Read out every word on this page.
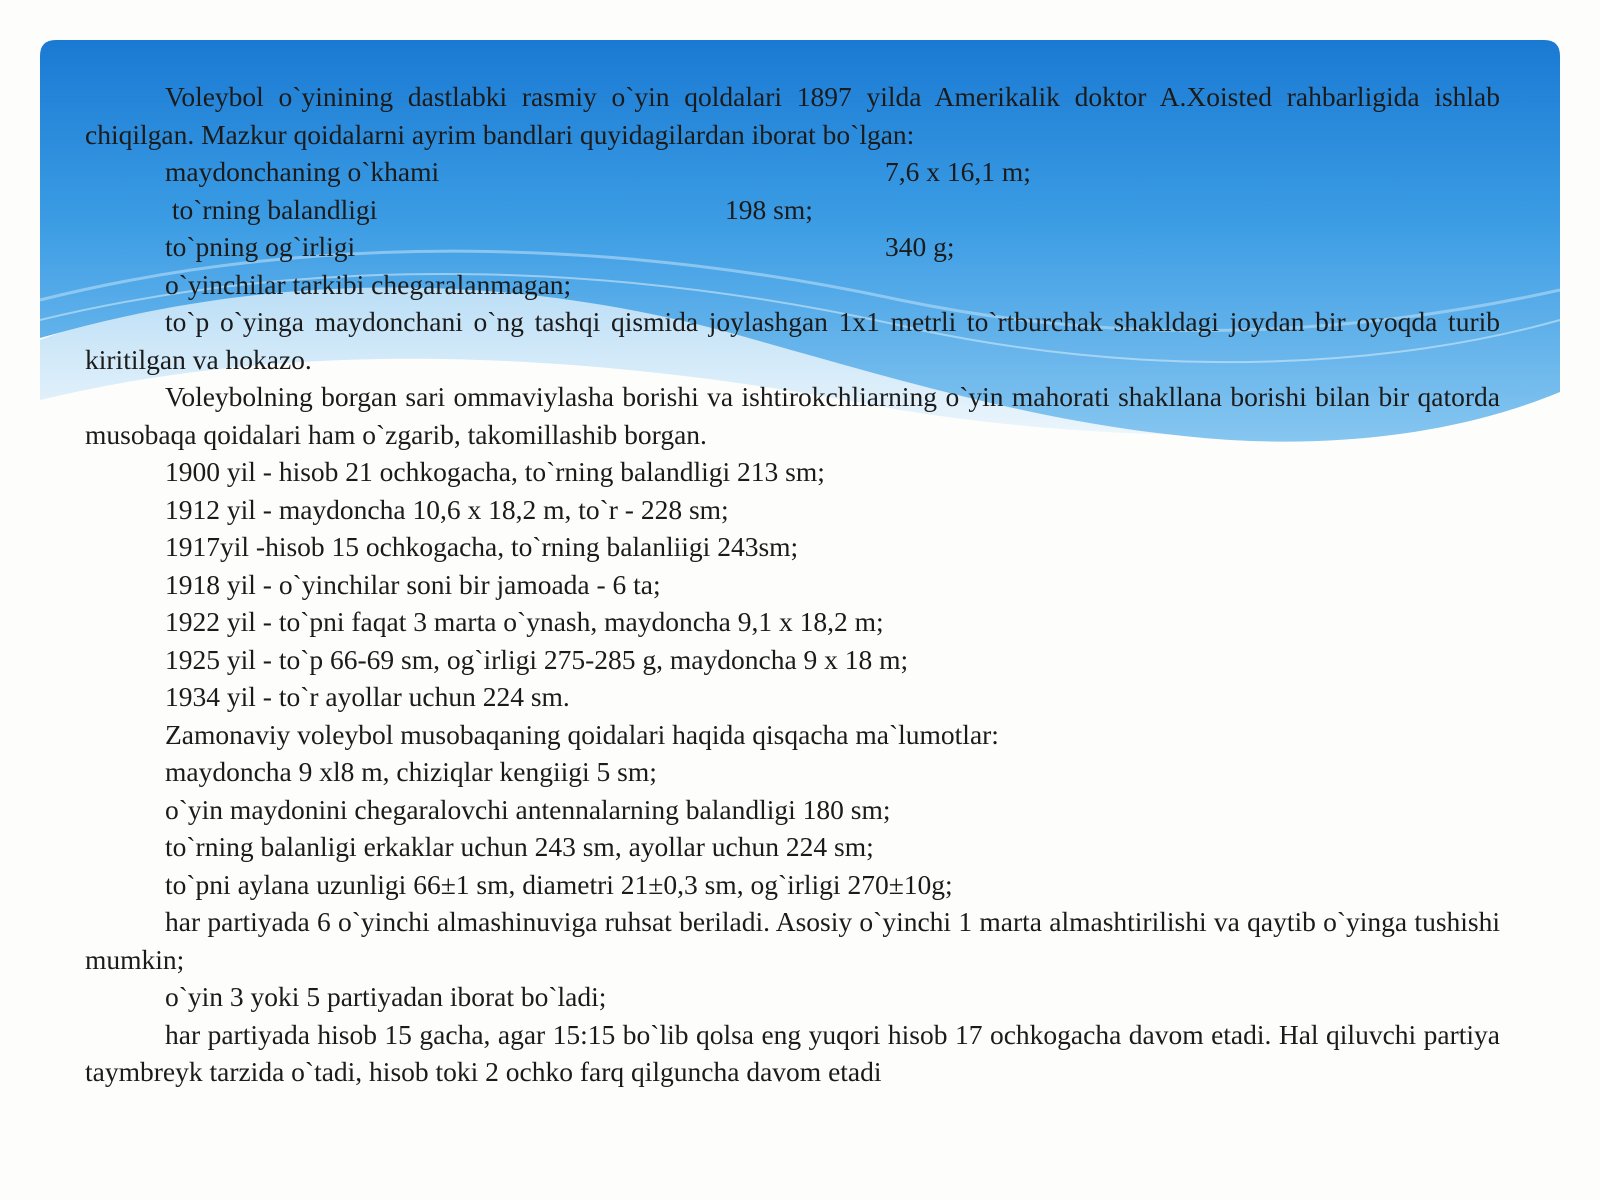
Voleybol o`yinining dastlabki rasmiy o`yin qoldalari 1897 yilda Amerikalik doktor A.Xoisted rahbarligida ishlab chiqilgan. Mazkur qoidalarni ayrim bandlari quyidagilardan iborat bo`lgan:

maydonchaning o`khami	7,6 x 16,1 m;
to`rning balandligi	198 sm;
to`pning og`irligi	340 g;

o`yinchilar tarkibi chegaralanmagan;

to`p o`yinga maydonchani o`ng tashqi qismida joylashgan 1x1 metrli to`rtburchak shakldagi joydan bir oyoqda turib kiritilgan va hokazo.

Voleybolning borgan sari ommaviylasha borishi va ishtirokchliarning o`yin mahorati shakllana borishi bilan bir qatorda musobaqa qoidalari ham o`zgarib, takomillashib borgan.

1900 yil - hisob 21 ochkogacha, to`rning balandligi 213 sm;

1912 yil - maydoncha 10,6 x 18,2 m, to`r - 228 sm;

1917yil -hisob 15 ochkogacha, to`rning balanliigi 243sm;

1918 yil - o`yinchilar soni bir jamoada - 6 ta;

1922 yil - to`pni faqat 3 marta o`ynash, maydoncha 9,1 x 18,2 m;

1925 yil - to`p 66-69 sm, og`irligi 275-285 g, maydoncha 9 x 18 m;

1934 yil - to`r ayollar uchun 224 sm.

Zamonaviy voleybol musobaqaning qoidalari haqida qisqacha ma`lumotlar:

maydoncha 9 xl8 m, chiziqlar kengiigi 5 sm;

o`yin maydonini chegaralovchi antennalarning balandligi 180 sm;

to`rning balanligi erkaklar uchun 243 sm, ayollar uchun 224 sm;

to`pni aylana uzunligi 66±1 sm, diametri 21±0,3 sm, og`irligi 270±10g;

har partiyada 6 o`yinchi almashinuviga ruhsat beriladi. Asosiy o`yinchi 1 marta almashtirilishi va qaytib o`yinga tushishi mumkin;

o`yin 3 yoki 5 partiyadan iborat bo`ladi;

har partiyada hisob 15 gacha, agar 15:15 bo`lib qolsa eng yuqori hisob 17 ochkogacha davom etadi. Hal qiluvchi partiya taymbreyk tarzida o`tadi, hisob toki 2 ochko farq qilguncha davom etadi
